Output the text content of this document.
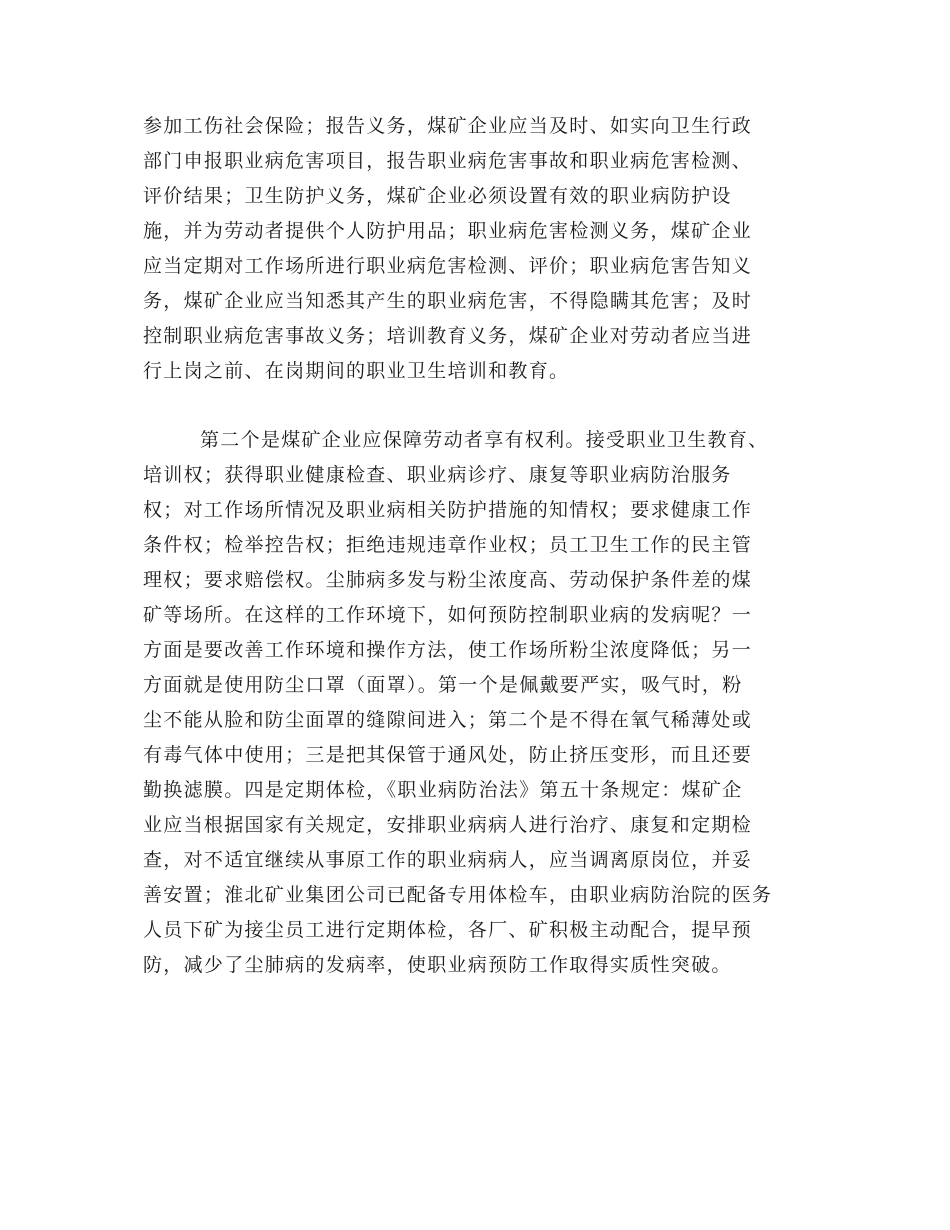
参加工伤社会保险；报告义务，煤矿企业应当及时、如实向卫生行政
部门申报职业病危害项目，报告职业病危害事故和职业病危害检测、
评价结果；卫生防护义务，煤矿企业必须设置有效的职业病防护设
施，并为劳动者提供个人防护用品；职业病危害检测义务，煤矿企业
应当定期对工作场所进行职业病危害检测、评价；职业病危害告知义
务，煤矿企业应当知悉其产生的职业病危害，不得隐瞒其危害；及时
控制职业病危害事故义务；培训教育义务，煤矿企业对劳动者应当进
行上岗之前、在岗期间的职业卫生培训和教育。
第二个是煤矿企业应保障劳动者享有权利。接受职业卫生教育、
培训权；获得职业健康检查、职业病诊疗、康复等职业病防治服务
权；对工作场所情况及职业病相关防护措施的知情权；要求健康工作
条件权；检举控告权；拒绝违规违章作业权；员工卫生工作的民主管
理权；要求赔偿权。尘肺病多发与粉尘浓度高、劳动保护条件差的煤
矿等场所。在这样的工作环境下，如何预防控制职业病的发病呢？一
方面是要改善工作环境和操作方法，使工作场所粉尘浓度降低；另一
方面就是使用防尘口罩（面罩）。第一个是佩戴要严实，吸气时，粉
尘不能从脸和防尘面罩的缝隙间进入；第二个是不得在氧气稀薄处或
有毒气体中使用；三是把其保管于通风处，防止挤压变形，而且还要
勤换滤膜。四是定期体检，《职业病防治法》第五十条规定：煤矿企
业应当根据国家有关规定，安排职业病病人进行治疗、康复和定期检
查，对不适宜继续从事原工作的职业病病人，应当调离原岗位，并妥
善安置；淮北矿业集团公司已配备专用体检车，由职业病防治院的医务
人员下矿为接尘员工进行定期体检，各厂、矿积极主动配合，提早预
防，减少了尘肺病的发病率，使职业病预防工作取得实质性突破。
